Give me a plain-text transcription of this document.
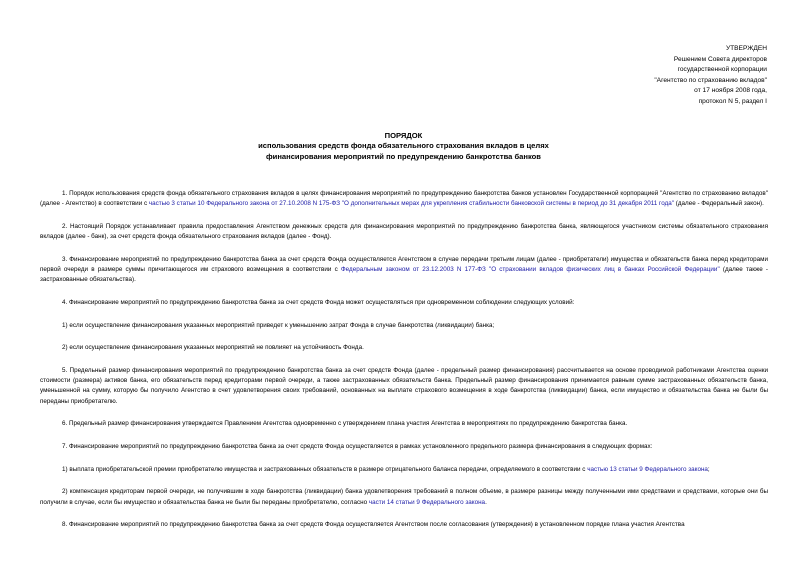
УТВЕРЖДЕН
Решением Совета директоров
государственной корпорации
"Агентство по страхованию вкладов"
от 17 ноября 2008 года,
протокол N 5, раздел I
ПОРЯДОК
использования средств фонда обязательного страхования вкладов в целях
финансирования мероприятий по предупреждению банкротства банков

1. Порядок использования средств фонда обязательного страхования вкладов в целях финансирования мероприятий по предупреждению банкротства банков установлен Государственной корпорацией "Агентство по страхованию вкладов" (далее - Агентство) в соответствии с частью 3 статьи 10 Федерального закона от 27.10.2008 N 175-ФЗ "О дополнительных мерах для укрепления стабильности банковской системы в период до 31 декабря 2011 года" (далее - Федеральный закон).

2. Настоящий Порядок устанавливает правила предоставления Агентством денежных средств для финансирования мероприятий по предупреждению банкротства банка, являющегося участником системы обязательного страхования вкладов (далее - банк), за счет средств фонда обязательного страхования вкладов (далее - Фонд).

3. Финансирование мероприятий по предупреждению банкротства банка за счет средств Фонда осуществляется Агентством в случае передачи третьим лицам (далее - приобретатели) имущества и обязательств банка перед кредиторами первой очереди в размере суммы причитающегося им страхового возмещения в соответствии с Федеральным законом от 23.12.2003 N 177-ФЗ "О страховании вкладов физических лиц в банках Российской Федерации" (далее также - застрахованные обязательства).

4. Финансирование мероприятий по предупреждению банкротства банка за счет средств Фонда может осуществляться при одновременном соблюдении следующих условий:

1) если осуществление финансирования указанных мероприятий приведет к уменьшению затрат Фонда в случае банкротства (ликвидации) банка;

2) если осуществление финансирования указанных мероприятий не повлияет на устойчивость Фонда.

5. Предельный размер финансирования мероприятий по предупреждению банкротства банка за счет средств Фонда (далее - предельный размер финансирования) рассчитывается на основе проводимой работниками Агентства оценки стоимости (размера) активов банка, его обязательств перед кредиторами первой очереди, а также застрахованных обязательств банка. Предельный размер финансирования принимается равным сумме застрахованных обязательств банка, уменьшенной на сумму, которую бы получило Агентство в счет удовлетворения своих требований, основанных на выплате страхового возмещения в ходе банкротства (ликвидации) банка, если имущество и обязательства банка не были бы переданы приобретателю.

6. Предельный размер финансирования утверждается Правлением Агентства одновременно с утверждением плана участия Агентства в мероприятиях по предупреждению банкротства банка.

7. Финансирование мероприятий по предупреждению банкротства банка за счет средств Фонда осуществляется в рамках установленного предельного размера финансирования в следующих формах:

1) выплата приобретательской премии приобретателю имущества и застрахованных обязательств в размере отрицательного баланса передачи, определяемого в соответствии с частью 13 статьи 9 Федерального закона;

2) компенсация кредиторам первой очереди, не получившим в ходе банкротства (ликвидации) банка удовлетворения требований в полном объеме, в размере разницы между полученными ими средствами и средствами, которые они бы получили в случае, если бы имущество и обязательства банка не были бы переданы приобретателю, согласно части 14 статьи 9 Федерального закона.

8. Финансирование мероприятий по предупреждению банкротства банка за счет средств Фонда осуществляется Агентством после согласования (утверждения) в установленном порядке плана участия Агентства
